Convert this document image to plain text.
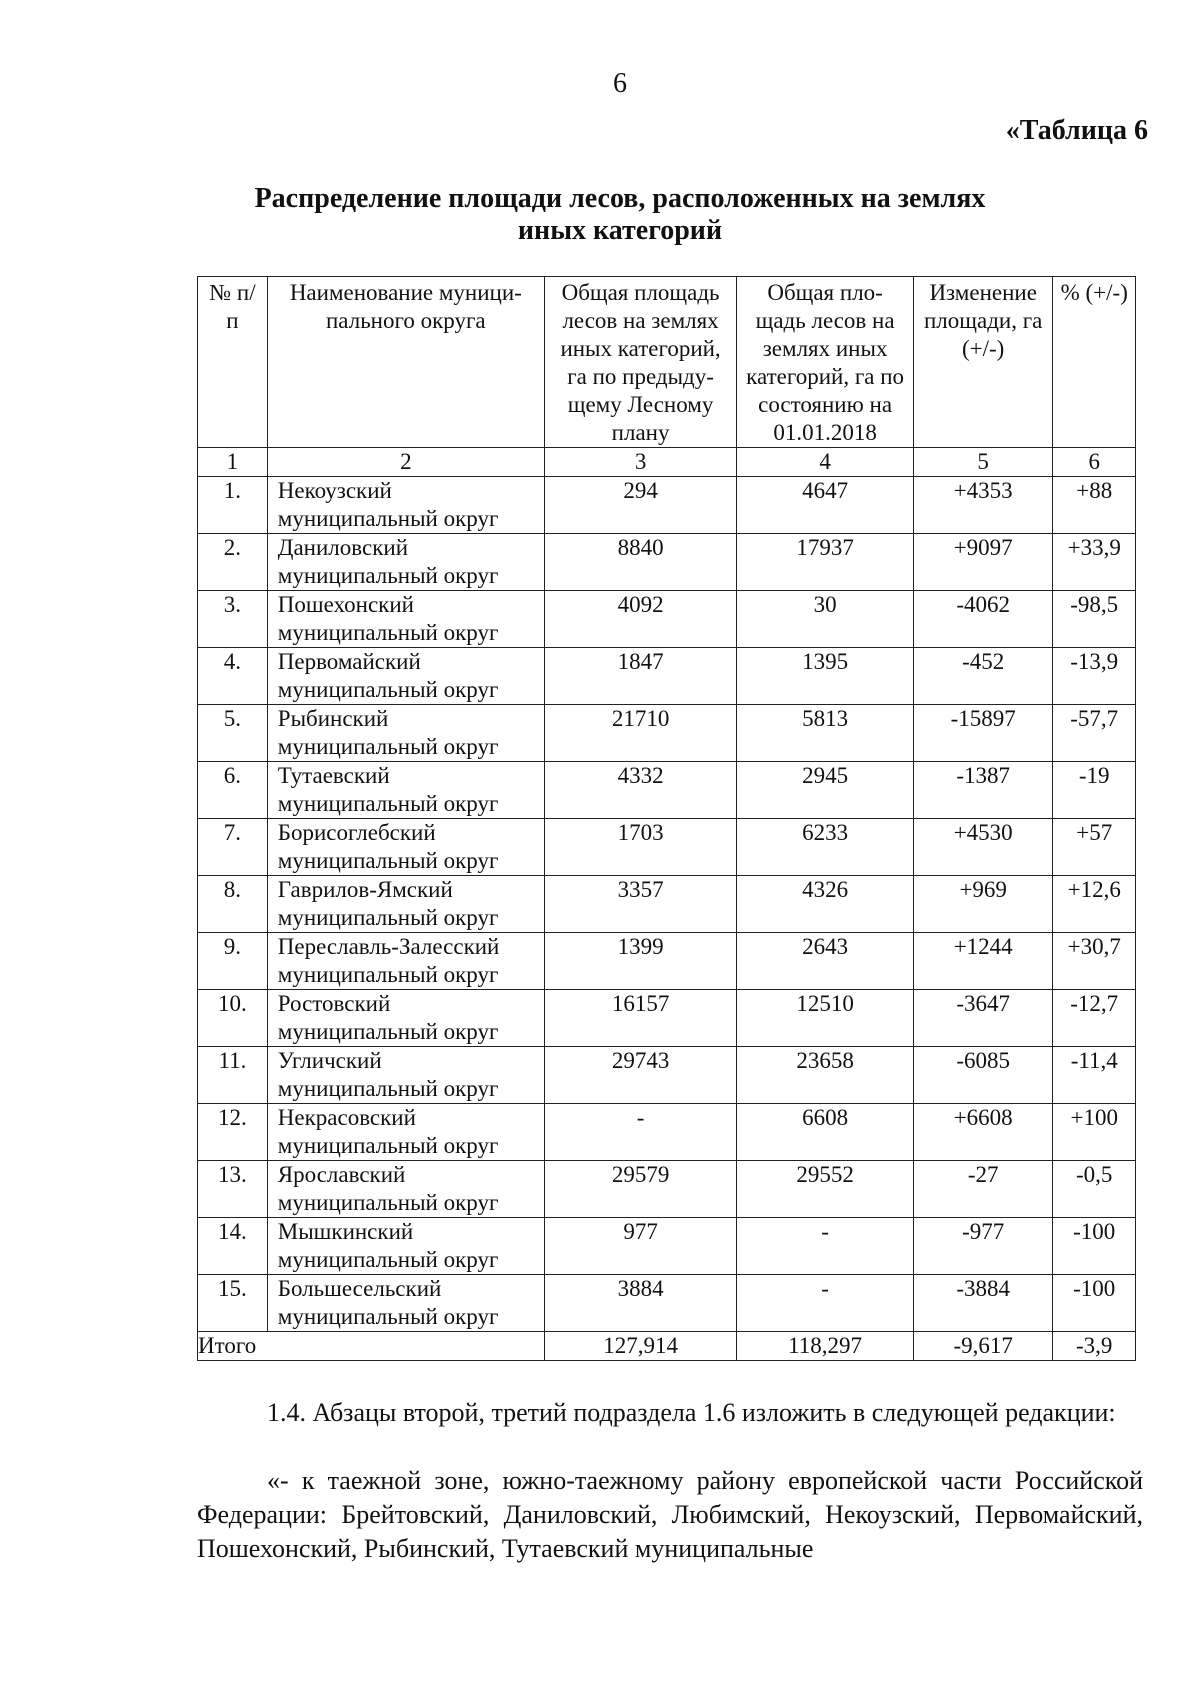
6
«Таблица 6
Распределение площади лесов, расположенных на землях иных категорий
№ п/п	Наименование муници-пального округа	Общая площадь лесов на землях иных категорий, га по предыду-щему Лесному плану	Общая пло-щадь лесов на землях иных категорий, га по состоянию на 01.01.2018	Изменение площади, га (+/-)	% (+/-)
1	2	3	4	5	6
1.	Некоузский муниципальный округ	294	4647	+4353	+88
2.	Даниловский муниципальный округ	8840	17937	+9097	+33,9
3.	Пошехонский муниципальный округ	4092	30	-4062	-98,5
4.	Первомайский муниципальный округ	1847	1395	-452	-13,9
5.	Рыбинский муниципальный округ	21710	5813	-15897	-57,7
6.	Тутаевский муниципальный округ	4332	2945	-1387	-19
7.	Борисоглебский муниципальный округ	1703	6233	+4530	+57
8.	Гаврилов-Ямский муниципальный округ	3357	4326	+969	+12,6
9.	Переславль-Залесский муниципальный округ	1399	2643	+1244	+30,7
10.	Ростовский муниципальный округ	16157	12510	-3647	-12,7
11.	Угличский муниципальный округ	29743	23658	-6085	-11,4
12.	Некрасовский муниципальный округ	-	6608	+6608	+100
13.	Ярославский муниципальный округ	29579	29552	-27	-0,5
14.	Мышкинский муниципальный округ	977	-	-977	-100
15.	Большесельский муниципальный округ	3884	-	-3884	-100
Итого		127,914	118,297	-9,617	-3,9
1.4. Абзацы второй, третий подраздела 1.6 изложить в следующей редакции:
«- к таежной зоне, южно-таежному району европейской части Российской Федерации: Брейтовский, Даниловский, Любимский, Некоузский, Первомайский, Пошехонский, Рыбинский, Тутаевский муниципальные
